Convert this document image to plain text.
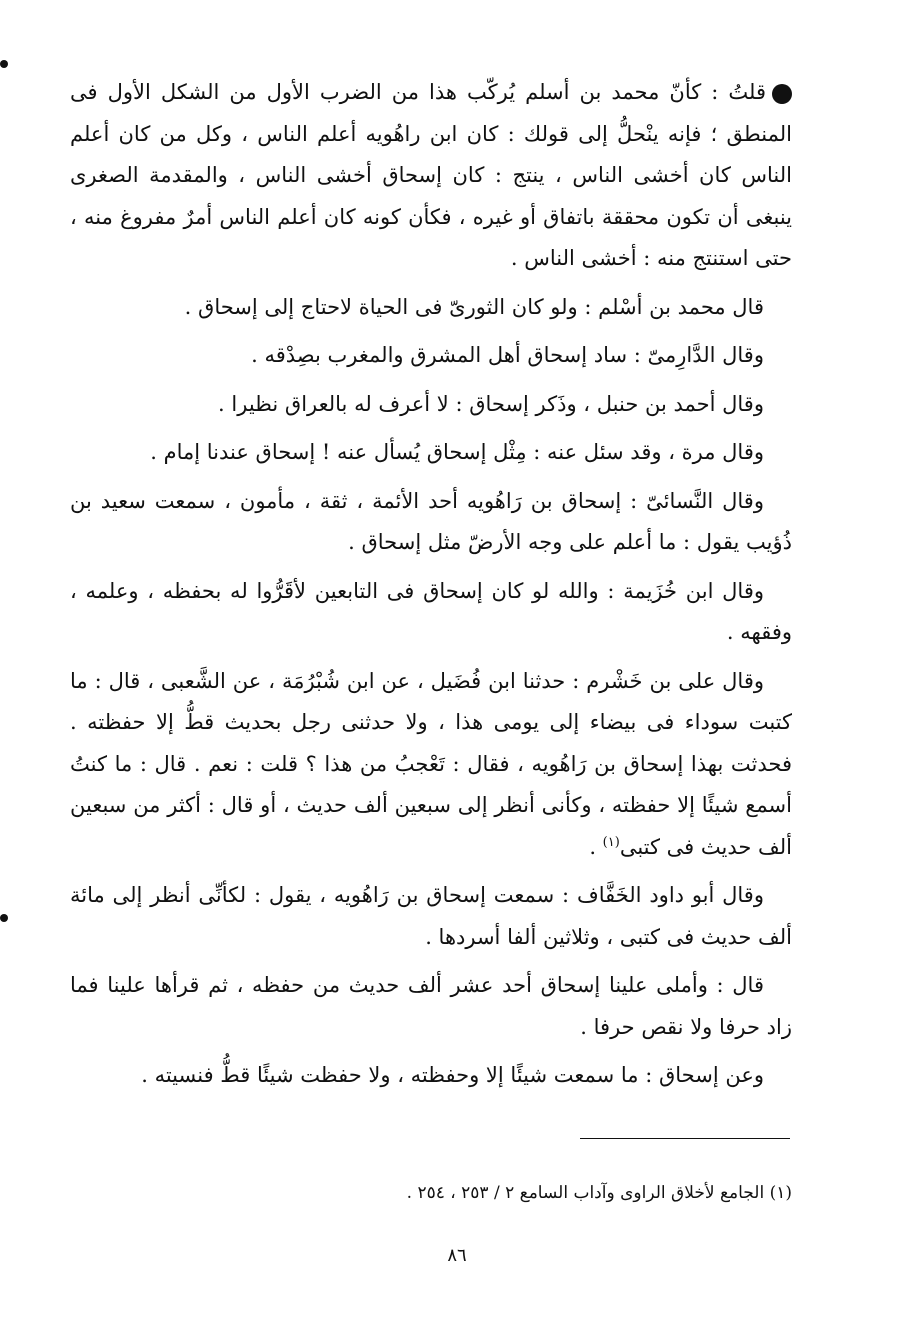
قلتُ : كأنّ محمد بن أسلم يُركّب هذا من الضرب الأول من الشكل الأول فى المنطق ؛ فإنه ينْحلُّ إلى قولك : كان ابن راهُويه أعلم الناس ، وكل من كان أعلم الناس كان أخشى الناس ، ينتج : كان إسحاق أخشى الناس ، والمقدمة الصغرى ينبغى أن تكون محققة باتفاق أو غيره ، فكأن كونه كان أعلم الناس أمرٌ مفروغ منه ، حتى استنتج منه : أخشى الناس .

قال محمد بن أسْلم : ولو كان الثورىّ فى الحياة لاحتاج إلى إسحاق .

وقال الدَّارِمىّ : ساد إسحاق أهل المشرق والمغرب بصِدْقه .

وقال أحمد بن حنبل ، وذَكر إسحاق : لا أعرف له بالعراق نظيرا .

وقال مرة ، وقد سئل عنه : مِثْل إسحاق يُسأل عنه ! إسحاق عندنا إمام .

وقال النَّسائىّ : إسحاق بن رَاهُويه أحد الأئمة ، ثقة ، مأمون ، سمعت سعيد بن ذُؤيب يقول : ما أعلم على وجه الأرضّ مثل إسحاق .

وقال ابن خُزَيمة : والله لو كان إسحاق فى التابعين لأقَرُّوا له بحفظه ، وعلمه ، وفقهه .

وقال على بن خَشْرم : حدثنا ابن فُضَيل ، عن ابن شُبْرُمَة ، عن الشَّعبى ، قال : ما كتبت سوداء فى بيضاء إلى يومى هذا ، ولا حدثنى رجل بحديث قطُّ إلا حفظته . فحدثت بهذا إسحاق بن رَاهُويه ، فقال : تَعْجبُ من هذا ؟ قلت : نعم . قال : ما كنتُ أسمع شيئًا إلا حفظته ، وكأنى أنظر إلى سبعين ألف حديث ، أو قال : أكثر من سبعين ألف حديث فى كتبى$^{(١)}$ .

وقال أبو داود الخَفَّاف : سمعت إسحاق بن رَاهُويه ، يقول : لكأنِّى أنظر إلى مائة ألف حديث فى كتبى ، وثلاثين ألفا أسردها .

قال : وأملى علينا إسحاق أحد عشر ألف حديث من حفظه ، ثم قرأها علينا فما زاد حرفا ولا نقص حرفا .

وعن إسحاق : ما سمعت شيئًا إلا وحفظته ، ولا حفظت شيئًا قطُّ فنسيته .

(١) الجامع لأخلاق الراوى وآداب السامع ٢ / ٢٥٣ ، ٢٥٤ .
٨٦
